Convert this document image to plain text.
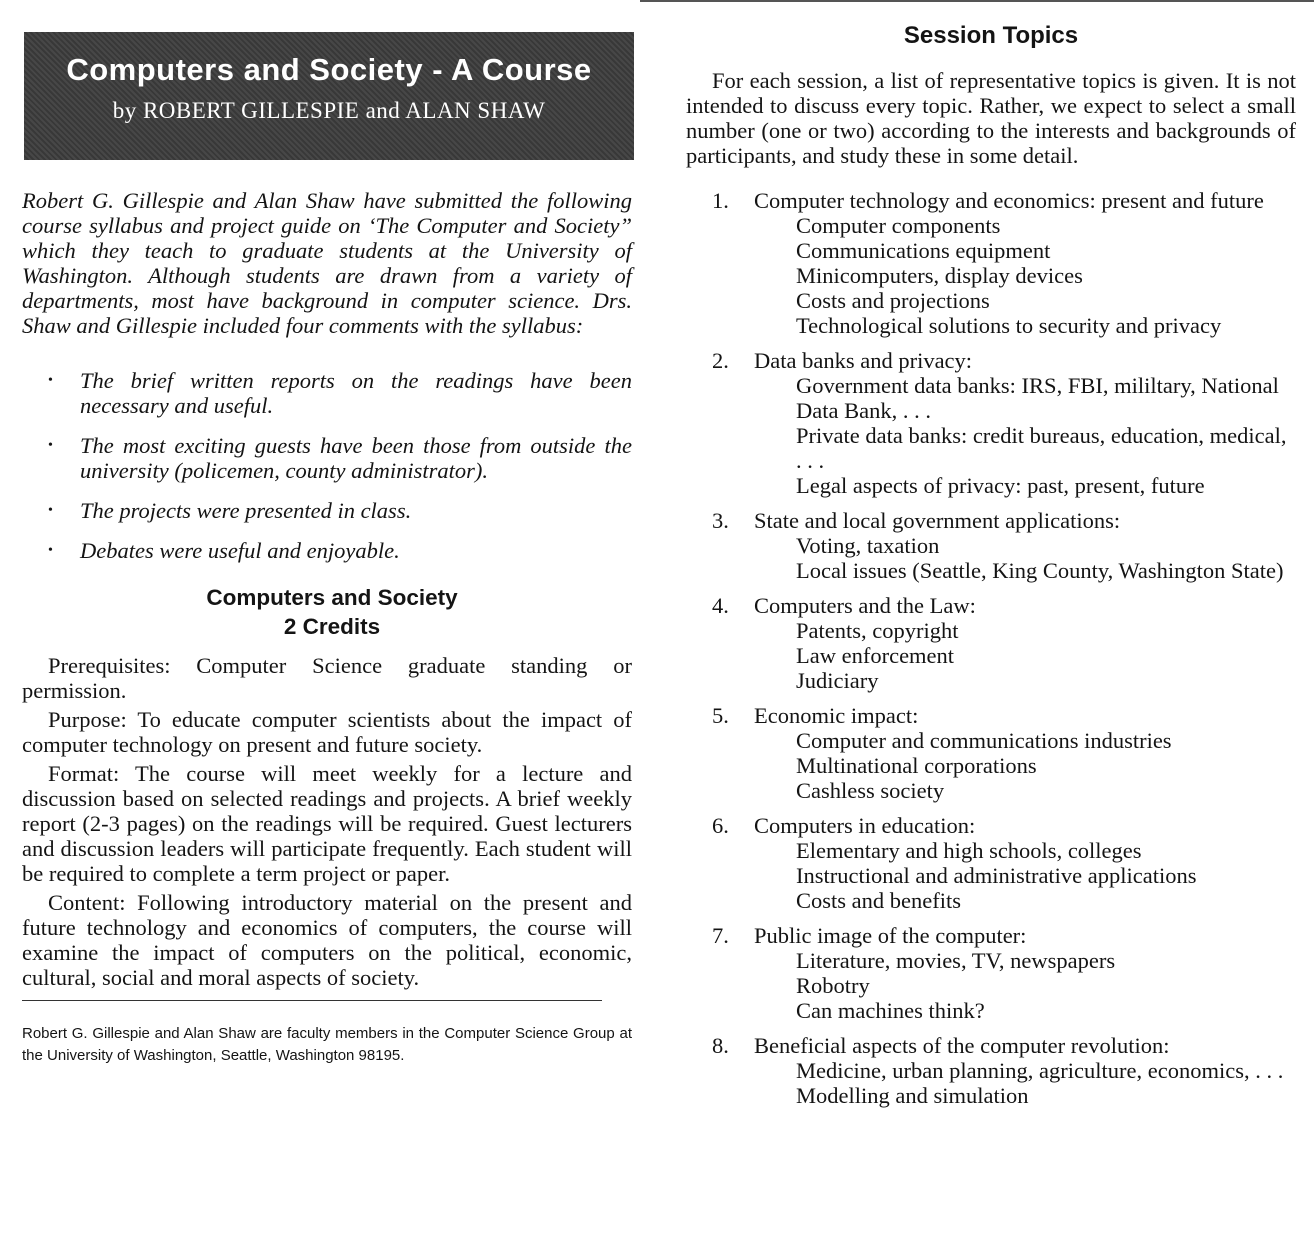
Computers and Society - A Course
by ROBERT GILLESPIE and ALAN SHAW

Robert G. Gillespie and Alan Shaw have submitted the following course syllabus and project guide on ‘The Computer and Society” which they teach to graduate students at the University of Washington. Although students are drawn from a variety of departments, most have background in computer science. Drs. Shaw and Gillespie included four comments with the syllabus:

• The brief written reports on the readings have been necessary and useful.
• The most exciting guests have been those from outside the university (policemen, county administrator).
• The projects were presented in class.
• Debates were useful and enjoyable.
Computers and Society
2 Credits

Prerequisites: Computer Science graduate standing or permission.

Purpose: To educate computer scientists about the impact of computer technology on present and future society.

Format: The course will meet weekly for a lecture and discussion based on selected readings and projects. A brief weekly report (2-3 pages) on the readings will be required. Guest lecturers and discussion leaders will participate frequently. Each student will be required to complete a term project or paper.

Content: Following introductory material on the present and future technology and economics of computers, the course will examine the impact of computers on the political, economic, cultural, social and moral aspects of society.

Robert G. Gillespie and Alan Shaw are faculty members in the Computer Science Group at the University of Washington, Seattle, Washington 98195.

Session Topics

For each session, a list of representative topics is given. It is not intended to discuss every topic. Rather, we expect to select a small number (one or two) according to the interests and backgrounds of participants, and study these in some detail.

1. Computer technology and economics: present and future
Computer components
Communications equipment
Minicomputers, display devices
Costs and projections
Technological solutions to security and privacy
2. Data banks and privacy:
Government data banks: IRS, FBI, mililtary, National Data Bank, . . .
Private data banks: credit bureaus, education, medical, . . .
Legal aspects of privacy: past, present, future
3. State and local government applications:
Voting, taxation
Local issues (Seattle, King County, Washington State)
4. Computers and the Law:
Patents, copyright
Law enforcement
Judiciary
5. Economic impact:
Computer and communications industries
Multinational corporations
Cashless society
6. Computers in education:
Elementary and high schools, colleges
Instructional and administrative applications
Costs and benefits
7. Public image of the computer:
Literature, movies, TV, newspapers
Robotry
Can machines think?
8. Beneficial aspects of the computer revolution:
Medicine, urban planning, agriculture, economics, . . .
Modelling and simulation
